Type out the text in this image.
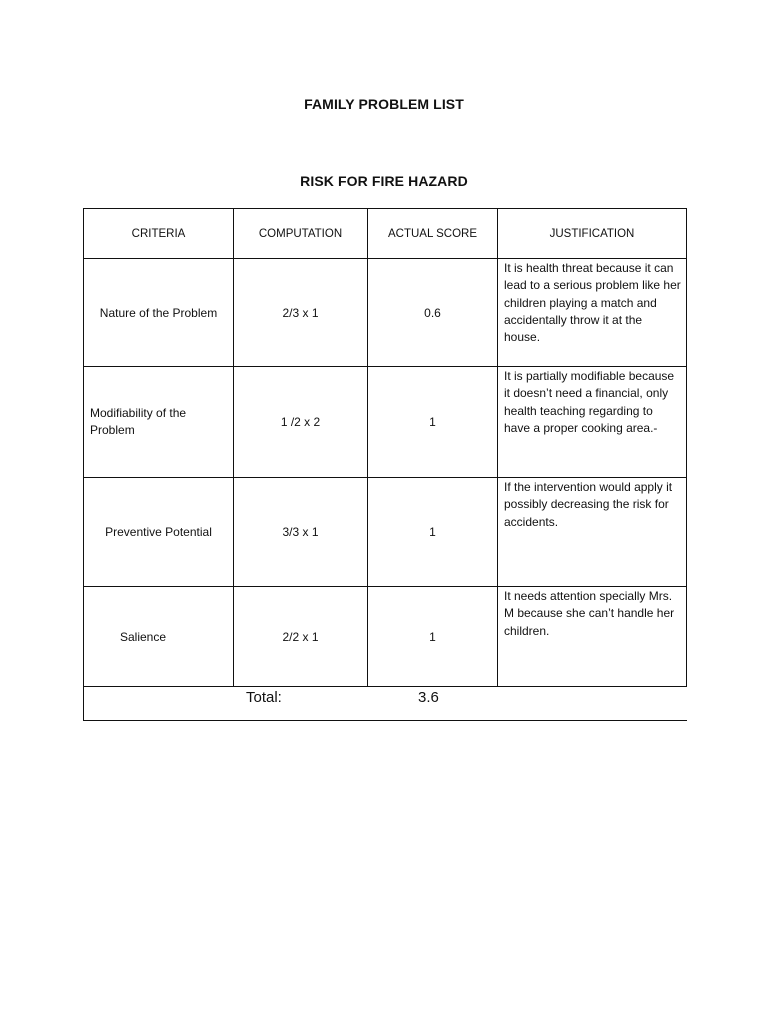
FAMILY PROBLEM LIST
RISK FOR FIRE HAZARD
CRITERIA	COMPUTATION	ACTUAL SCORE	JUSTIFICATION
Nature of the Problem	2/3 x 1	0.6	It is health threat because it can lead to a serious problem like her children playing a match and accidentally throw it at the house.
Modifiability of the Problem	1 /2 x 2	1	It is partially modifiable because it doesn’t need a financial, only health teaching regarding to have a proper cooking area.-
Preventive Potential	3/3 x 1	1	If the intervention would apply it possibly decreasing the risk for accidents.
Salience	2/2 x 1	1	It needs attention specially Mrs. M because she can’t handle her children.

Total: 3.6			
